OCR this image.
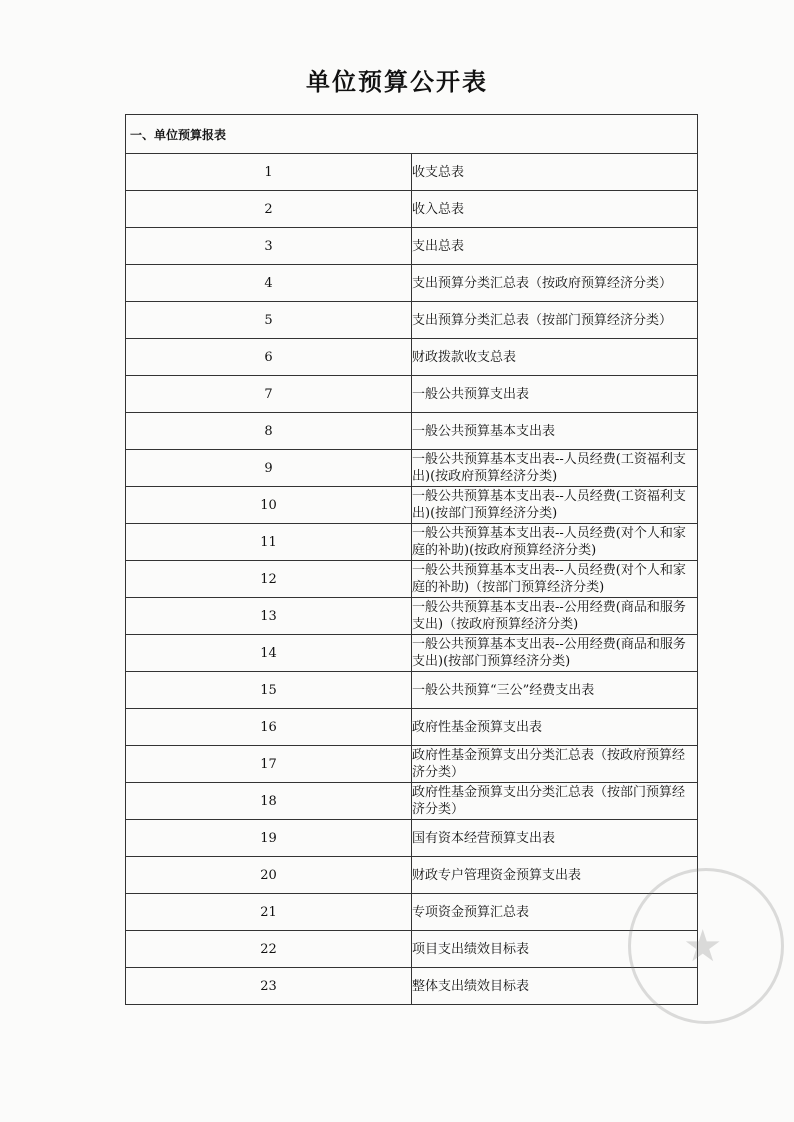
单位预算公开表
一、单位预算报表	
1	收支总表
2	收入总表
3	支出总表
4	支出预算分类汇总表（按政府预算经济分类）
5	支出预算分类汇总表（按部门预算经济分类）
6	财政拨款收支总表
7	一般公共预算支出表
8	一般公共预算基本支出表
9	一般公共预算基本支出表--人员经费(工资福利支出)(按政府预算经济分类)
10	一般公共预算基本支出表--人员经费(工资福利支出)(按部门预算经济分类)
11	一般公共预算基本支出表--人员经费(对个人和家庭的补助)(按政府预算经济分类)
12	一般公共预算基本支出表--人员经费(对个人和家庭的补助)（按部门预算经济分类)
13	一般公共预算基本支出表--公用经费(商品和服务支出)（按政府预算经济分类)
14	一般公共预算基本支出表--公用经费(商品和服务支出)(按部门预算经济分类)
15	一般公共预算“三公”经费支出表
16	政府性基金预算支出表
17	政府性基金预算支出分类汇总表（按政府预算经济分类）
18	政府性基金预算支出分类汇总表（按部门预算经济分类）
19	国有资本经营预算支出表
20	财政专户管理资金预算支出表
21	专项资金预算汇总表
22	项目支出绩效目标表
23	整体支出绩效目标表
★
